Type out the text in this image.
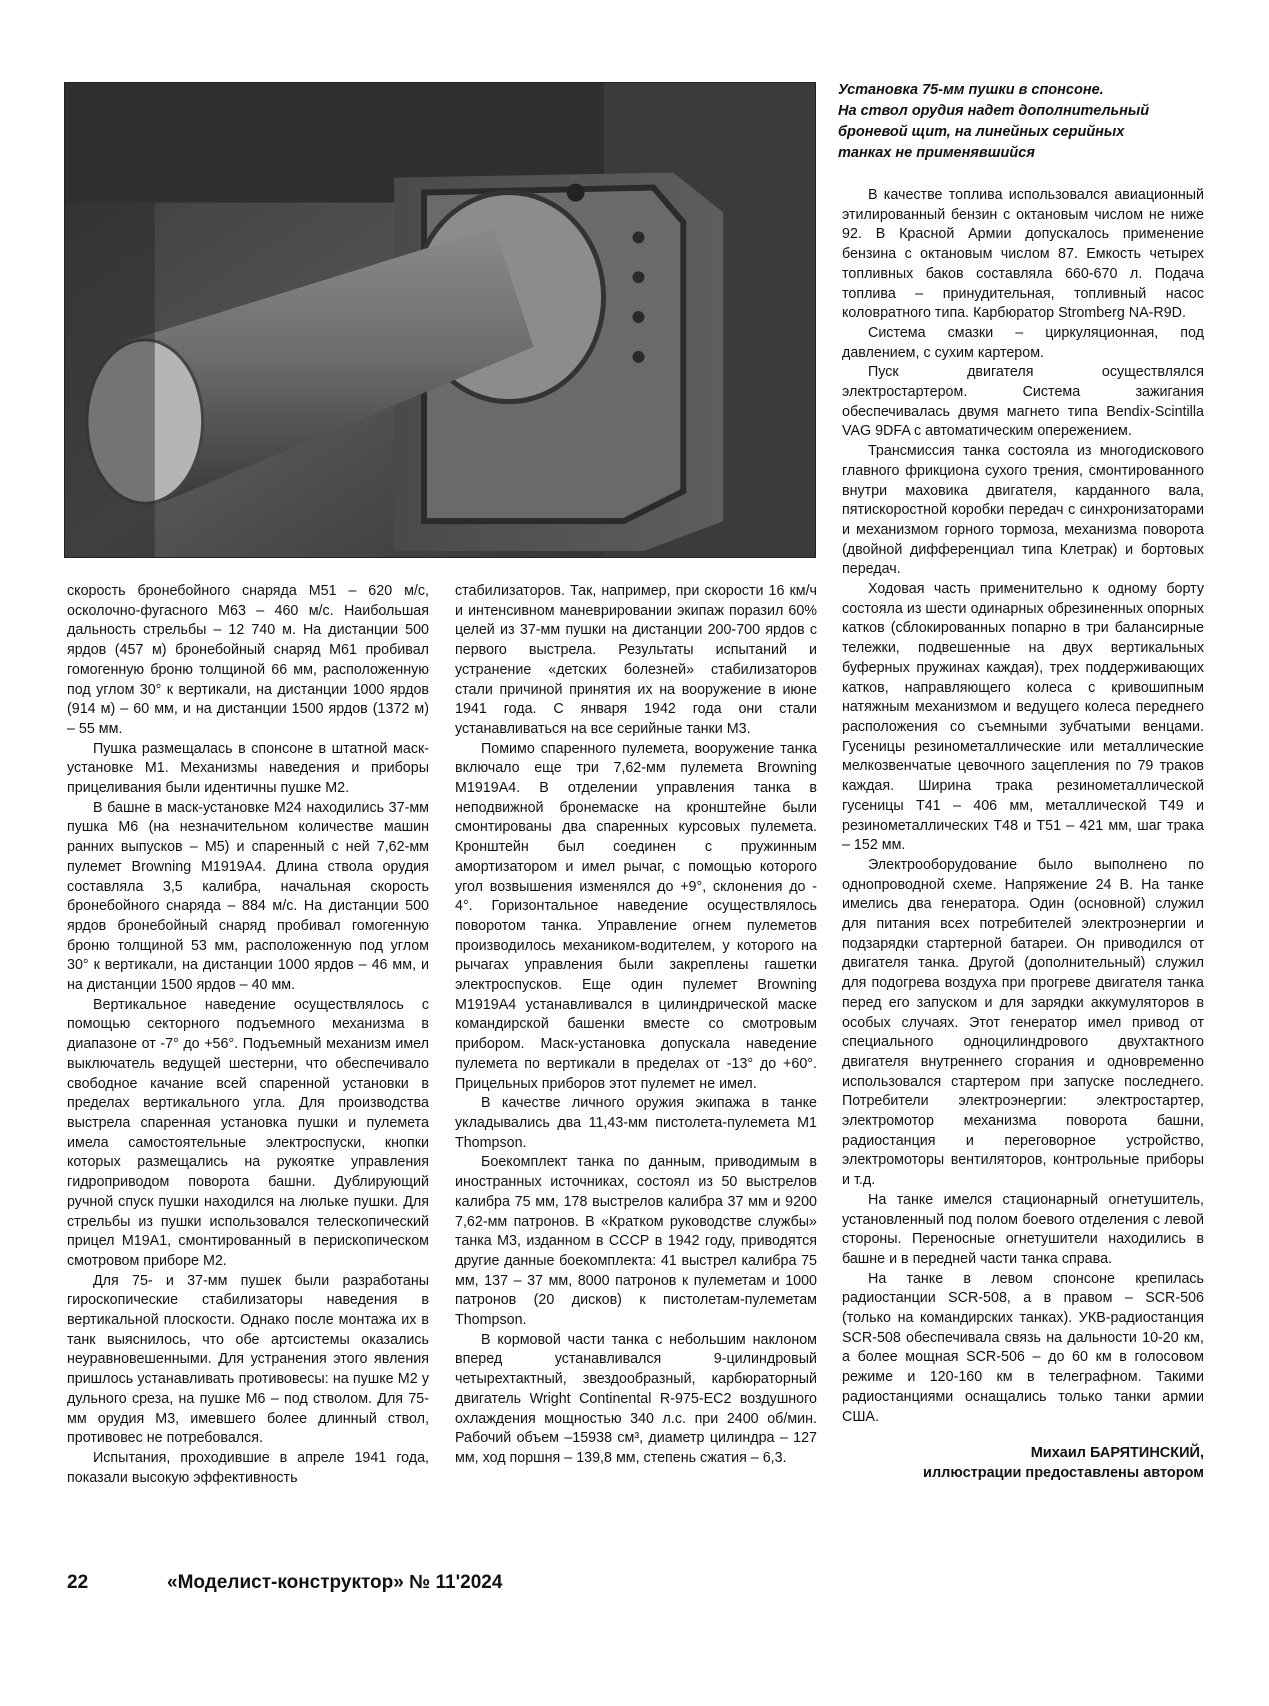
Установка 75-мм пушки в спонсоне.

На ствол орудия надет дополнительный

броневой щит, на линейных серийных

танках не применявшийся

скорость бронебойного снаряда М51 – 620 м/с, осколочно-фугасного М63 – 460 м/с. Наибольшая дальность стрельбы – 12 740 м. На дистанции 500 ярдов (457 м) бронебойный снаряд М61 пробивал гомогенную броню толщиной 66 мм, расположенную под углом 30° к вертикали, на дистанции 1000 ярдов (914 м) – 60 мм, и на дистанции 1500 ярдов (1372 м) – 55 мм.

Пушка размещалась в спонсоне в штатной маск-установке М1. Механизмы наведения и приборы прицеливания были идентичны пушке М2.

В башне в маск-установке М24 находились 37-мм пушка М6 (на незначительном количестве машин ранних выпусков – М5) и спаренный с ней 7,62-мм пулемет Browning M1919A4. Длина ствола орудия составляла 3,5 калибра, начальная скорость бронебойного снаряда – 884 м/с. На дистанции 500 ярдов бронебойный снаряд пробивал гомогенную броню толщиной 53 мм, расположенную под углом 30° к вертикали, на дистанции 1000 ярдов – 46 мм, и на дистанции 1500 ярдов – 40 мм.

Вертикальное наведение осуществлялось с помощью секторного подъемного механизма в диапазоне от -7° до +56°. Подъемный механизм имел выключатель ведущей шестерни, что обеспечивало свободное качание всей спаренной установки в пределах вертикального угла. Для производства выстрела спаренная установка пушки и пулемета имела самостоятельные электроспуски, кнопки которых размещались на рукоятке управления гидроприводом поворота башни. Дублирующий ручной спуск пушки находился на люльке пушки. Для стрельбы из пушки использовался телескопический прицел М19А1, смонтированный в перископическом смотровом приборе М2.

Для 75- и 37-мм пушек были разработаны гироскопические стабилизаторы наведения в вертикальной плоскости. Однако после монтажа их в танк выяснилось, что обе артсистемы оказались неуравновешенными. Для устранения этого явления пришлось устанавливать противовесы: на пушке М2 у дульного среза, на пушке М6 – под стволом. Для 75-мм орудия М3, имевшего более длинный ствол, противовес не потребовался.

Испытания, проходившие в апреле 1941 года, показали высокую эффективность

стабилизаторов. Так, например, при скорости 16 км/ч и интенсивном маневрировании экипаж поразил 60% целей из 37-мм пушки на дистанции 200-700 ярдов с первого выстрела. Результаты испытаний и устранение «детских болезней» стабилизаторов стали причиной принятия их на вооружение в июне 1941 года. С января 1942 года они стали устанавливаться на все серийные танки М3.

Помимо спаренного пулемета, вооружение танка включало еще три 7,62-мм пулемета Browning M1919A4. В отделении управления танка в неподвижной бронемаске на кронштейне были смонтированы два спаренных курсовых пулемета. Кронштейн был соединен с пружинным амортизатором и имел рычаг, с помощью которого угол возвышения изменялся до +9°, склонения до - 4°. Горизонтальное наведение осуществлялось поворотом танка. Управление огнем пулеметов производилось механиком-водителем, у которого на рычагах управления были закреплены гашетки электроспусков. Еще один пулемет Browning M1919A4 устанавливался в цилиндрической маске командирской башенки вместе со смотровым прибором. Маск-установка допускала наведение пулемета по вертикали в пределах от -13° до +60°. Прицельных приборов этот пулемет не имел.

В качестве личного оружия экипажа в танке укладывались два 11,43-мм пистолета-пулемета M1 Thompson.

Боекомплект танка по данным, приводимым в иностранных источниках, состоял из 50 выстрелов калибра 75 мм, 178 выстрелов калибра 37 мм и 9200 7,62-мм патронов. В «Кратком руководстве службы» танка М3, изданном в СССР в 1942 году, приводятся другие данные боекомплекта: 41 выстрел калибра 75 мм, 137 – 37 мм, 8000 патронов к пулеметам и 1000 патронов (20 дисков) к пистолетам-пулеметам Thompson.

В кормовой части танка с небольшим наклоном вперед устанавливался 9-цилиндровый четырехтактный, звездообразный, карбюраторный двигатель Wright Continental R-975-EC2 воздушного охлаждения мощностью 340 л.с. при 2400 об/мин. Рабочий объем –15938 см³, диаметр цилиндра – 127 мм, ход поршня – 139,8 мм, степень сжатия – 6,3.

В качестве топлива использовался авиационный этилированный бензин с октановым числом не ниже 92. В Красной Армии допускалось применение бензина с октановым числом 87. Емкость четырех топливных баков составляла 660-670 л. Подача топлива – принудительная, топливный насос коловратного типа. Карбюратор Stromberg NA-R9D.

Система смазки – циркуляционная, под давлением, с сухим картером.

Пуск двигателя осуществлялся электростартером. Система зажигания обеспечивалась двумя магнето типа Bendix-Scintilla VAG 9DFA с автоматическим опережением.

Трансмиссия танка состояла из многодискового главного фрикциона сухого трения, смонтированного внутри маховика двигателя, карданного вала, пятискоростной коробки передач с синхронизаторами и механизмом горного тормоза, механизма поворота (двойной дифференциал типа Клетрак) и бортовых передач.

Ходовая часть применительно к одному борту состояла из шести одинарных обрезиненных опорных катков (сблокированных попарно в три балансирные тележки, подвешенные на двух вертикальных буферных пружинах каждая), трех поддерживающих катков, направляющего колеса с кривошипным натяжным механизмом и ведущего колеса переднего расположения со съемными зубчатыми венцами. Гусеницы резинометаллические или металлические мелкозвенчатые цевочного зацепления по 79 траков каждая. Ширина трака резинометаллической гусеницы Т41 – 406 мм, металлической Т49 и резинометаллических Т48 и Т51 – 421 мм, шаг трака – 152 мм.

Электрооборудование было выполнено по однопроводной схеме. Напряжение 24 В. На танке имелись два генератора. Один (основной) служил для питания всех потребителей электроэнергии и подзарядки стартерной батареи. Он приводился от двигателя танка. Другой (дополнительный) служил для подогрева воздуха при прогреве двигателя танка перед его запуском и для зарядки аккумуляторов в особых случаях. Этот генератор имел привод от специального одноцилиндрового двухтактного двигателя внутреннего сгорания и одновременно использовался стартером при запуске последнего. Потребители электроэнергии: электростартер, электромотор механизма поворота башни, радиостанция и переговорное устройство, электромоторы вентиляторов, контрольные приборы и т.д.

На танке имелся стационарный огнетушитель, установленный под полом боевого отделения с левой стороны. Переносные огнетушители находились в башне и в передней части танка справа.

На танке в левом спонсоне крепилась радиостанции SCR-508, а в правом – SCR-506 (только на командирских танках). УКВ-радиостанция SCR-508 обеспечивала связь на дальности 10-20 км, а более мощная SCR-506 – до 60 км в голосовом режиме и 120-160 км в телеграфном. Такими радиостанциями оснащались только танки армии США.

Михаил БАРЯТИНСКИЙ,
иллюстрации предоставлены автором
22	«Моделист-конструктор» № 11'2024
